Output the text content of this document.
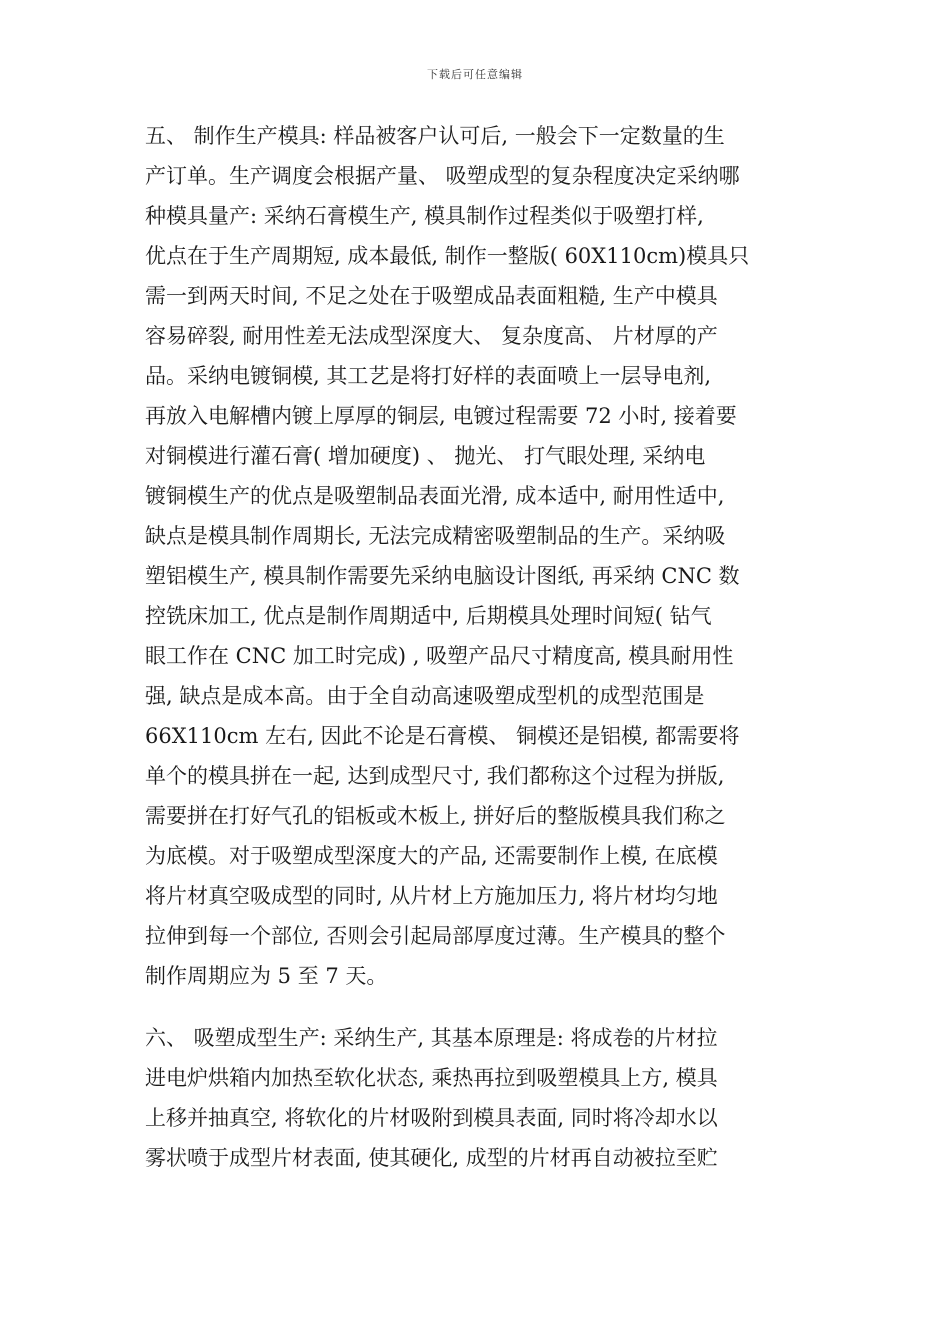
下载后可任意编辑
五、 制作生产模具: 样品被客户认可后, 一般会下一定数量的生
产订单。生产调度会根据产量、 吸塑成型的复杂程度决定采纳哪
种模具量产: 采纳石膏模生产, 模具制作过程类似于吸塑打样,
优点在于生产周期短, 成本最低, 制作一整版( 60X110cm)模具只
需一到两天时间, 不足之处在于吸塑成品表面粗糙, 生产中模具
容易碎裂, 耐用性差无法成型深度大、 复杂度高、 片材厚的产
品。采纳电镀铜模, 其工艺是将打好样的表面喷上一层导电剂,
再放入电解槽内镀上厚厚的铜层, 电镀过程需要 72 小时, 接着要
对铜模进行灌石膏( 增加硬度) 、 抛光、 打气眼处理, 采纳电
镀铜模生产的优点是吸塑制品表面光滑, 成本适中, 耐用性适中,
缺点是模具制作周期长, 无法完成精密吸塑制品的生产。采纳吸
塑铝模生产, 模具制作需要先采纳电脑设计图纸, 再采纳 CNC 数
控铣床加工, 优点是制作周期适中, 后期模具处理时间短( 钻气
眼工作在 CNC 加工时完成) , 吸塑产品尺寸精度高, 模具耐用性
强, 缺点是成本高。由于全自动高速吸塑成型机的成型范围是
66X110cm 左右, 因此不论是石膏模、 铜模还是铝模, 都需要将
单个的模具拼在一起, 达到成型尺寸, 我们都称这个过程为拼版,
需要拼在打好气孔的铝板或木板上, 拼好后的整版模具我们称之
为底模。对于吸塑成型深度大的产品, 还需要制作上模, 在底模
将片材真空吸成型的同时, 从片材上方施加压力, 将片材均匀地
拉伸到每一个部位, 否则会引起局部厚度过薄。生产模具的整个
制作周期应为 5 至 7 天。
六、 吸塑成型生产: 采纳生产, 其基本原理是: 将成卷的片材拉
进电炉烘箱内加热至软化状态, 乘热再拉到吸塑模具上方, 模具
上移并抽真空, 将软化的片材吸附到模具表面, 同时将冷却水以
雾状喷于成型片材表面, 使其硬化, 成型的片材再自动被拉至贮
